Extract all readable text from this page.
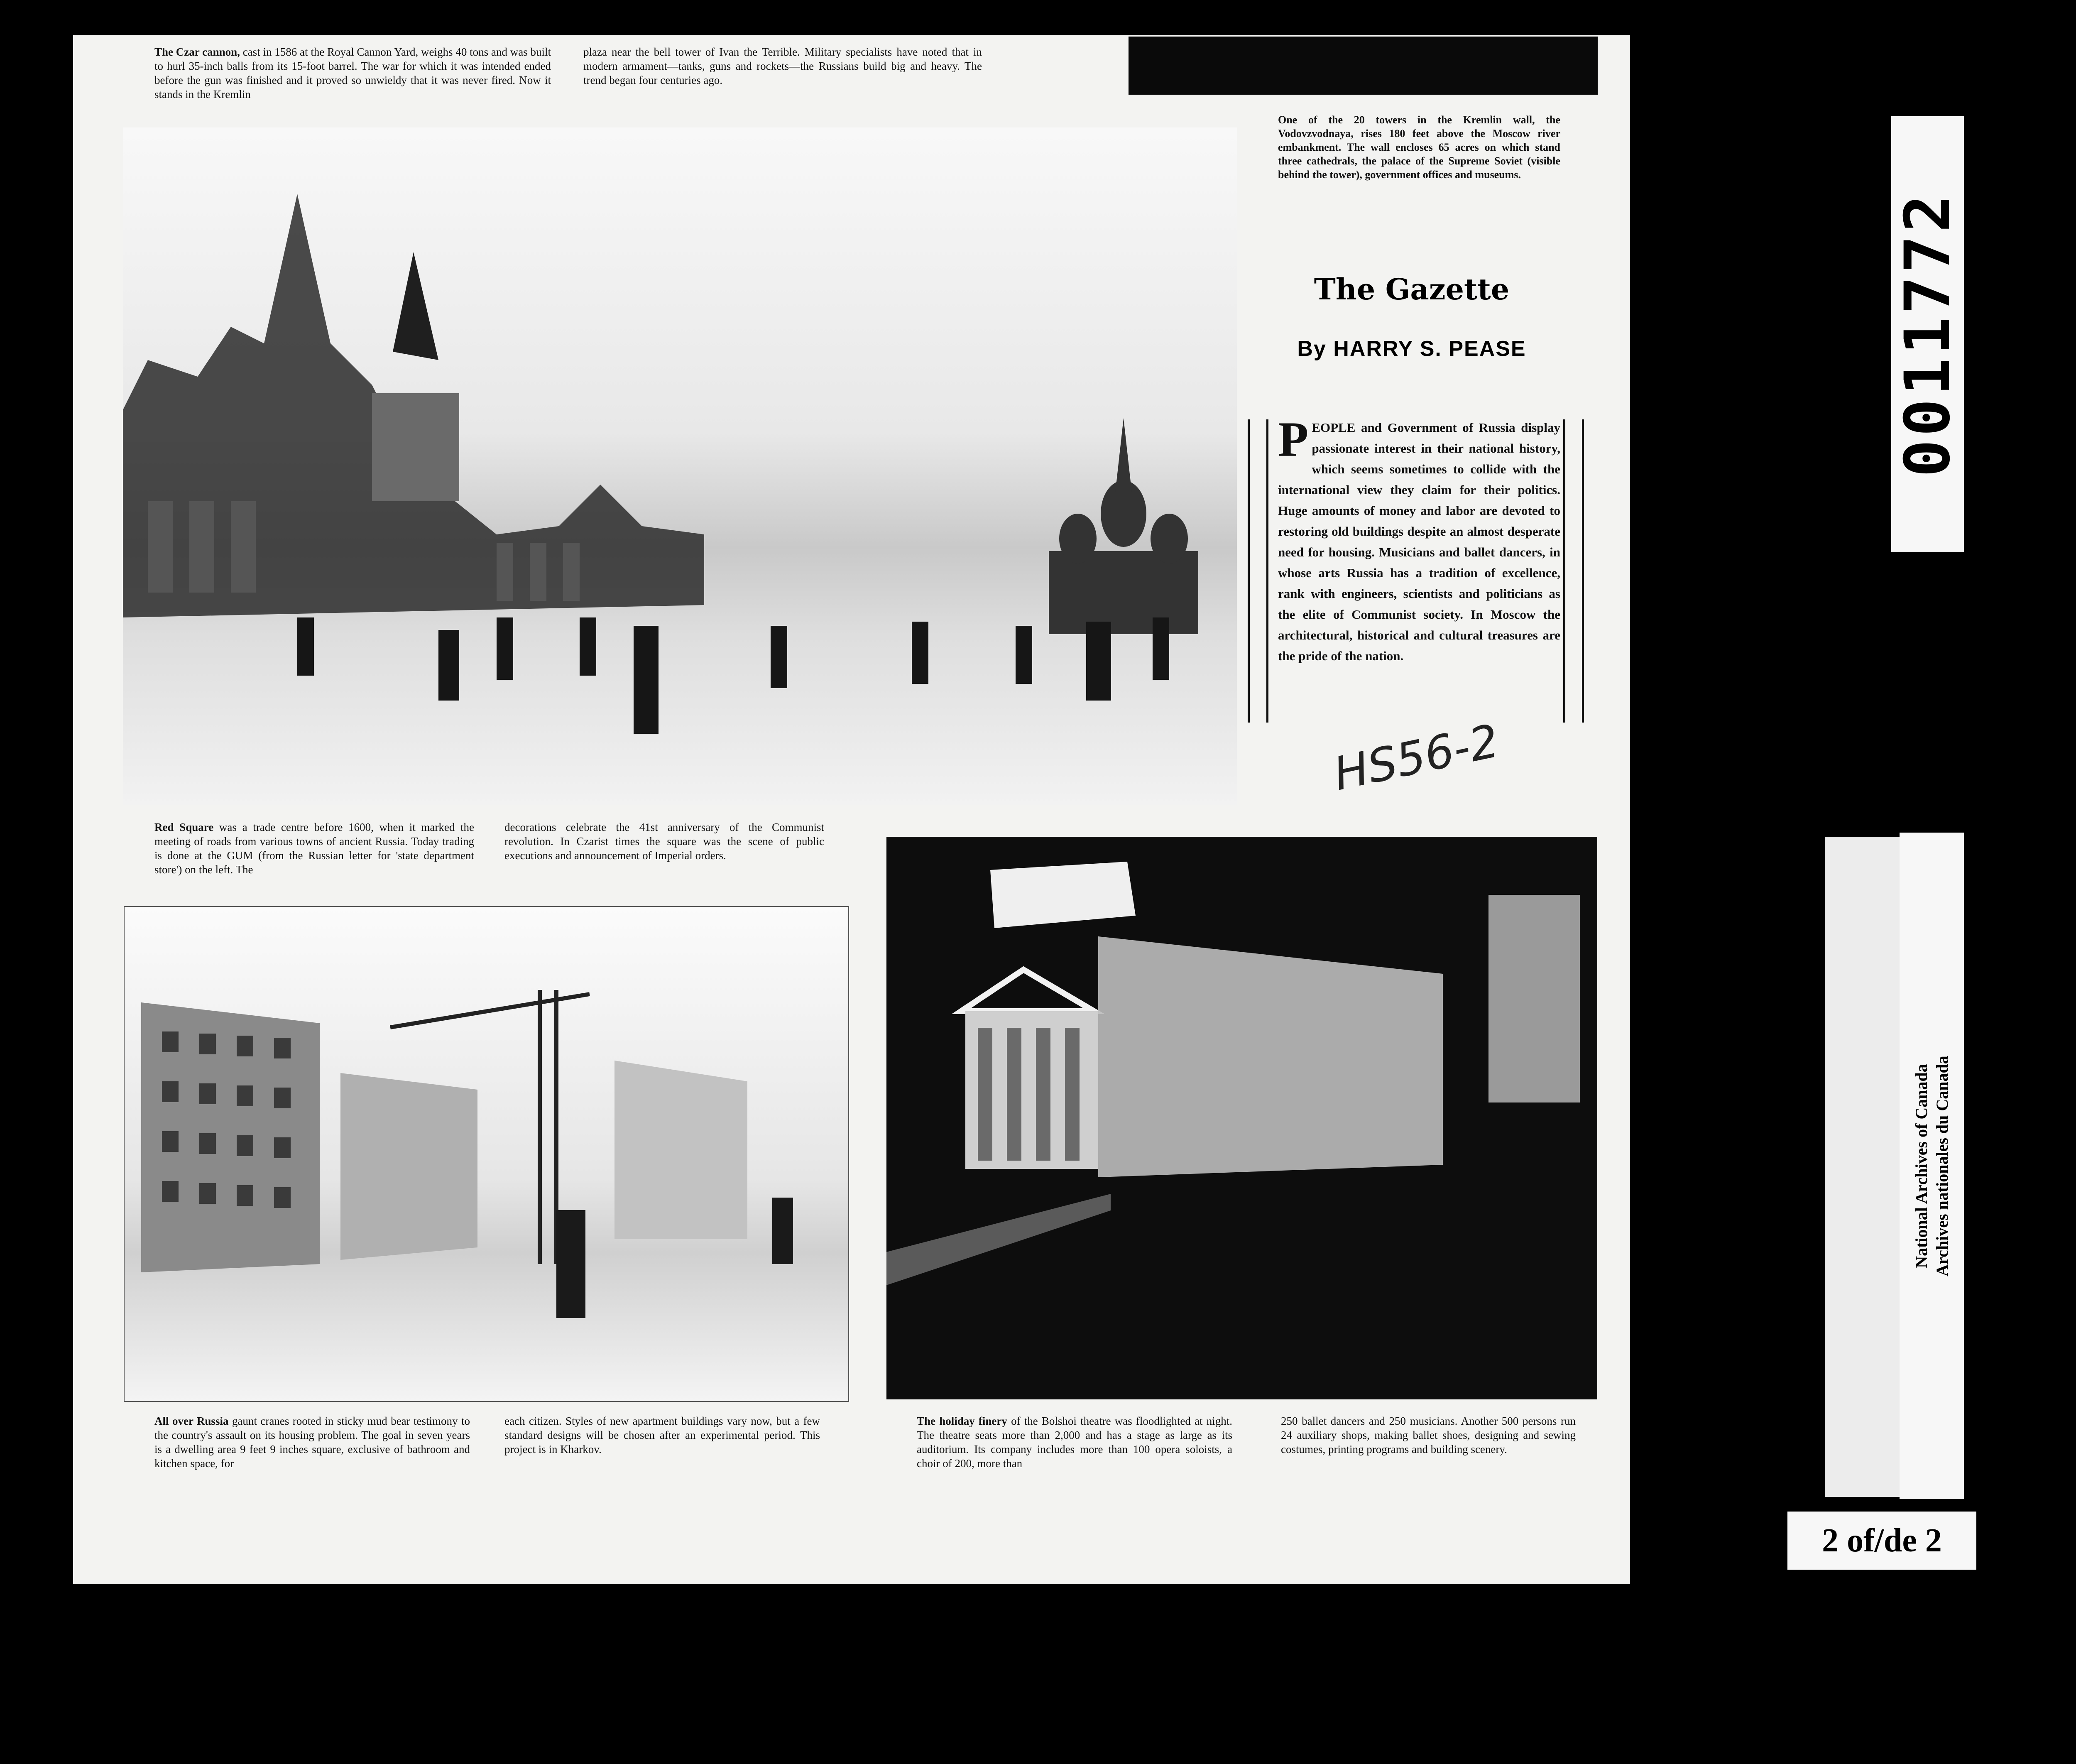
The Czar cannon, cast in 1586 at the Royal Cannon Yard, weighs 40 tons and was built to hurl 35-inch balls from its 15-foot barrel. The war for which it was intended ended before the gun was finished and it proved so unwieldy that it was never fired. Now it stands in the Kremlin
plaza near the bell tower of Ivan the Terrible. Military specialists have noted that in modern armament—tanks, guns and rockets—the Russians build big and heavy. The trend began four centuries ago.
One of the 20 towers in the Kremlin wall, the Vodovzvodnaya, rises 180 feet above the Moscow river embankment. The wall encloses 65 acres on which stand three cathedrals, the palace of the Supreme Soviet (visible behind the tower), government offices and museums.
The Gazette
By HARRY S. PEASE
P EOPLE and Government of Russia display passionate interest in their national history, which seems sometimes to collide with the international view they claim for their politics. Huge amounts of money and labor are devoted to restoring old buildings despite an almost desperate need for housing. Musicians and ballet dancers, in whose arts Russia has a tradition of excellence, rank with engineers, scientists and politicians as the elite of Communist society. In Moscow the architectural, historical and cultural treasures are the pride of the nation.
HS56-2
Red Square was a trade centre before 1600, when it marked the meeting of roads from various towns of ancient Russia. Today trading is done at the GUM (from the Russian letter for 'state department store') on the left. The
decorations celebrate the 41st anniversary of the Communist revolution. In Czarist times the square was the scene of public executions and announcement of Imperial orders.
All over Russia gaunt cranes rooted in sticky mud bear testimony to the country's assault on its housing problem. The goal in seven years is a dwelling area 9 feet 9 inches square, exclusive of bathroom and kitchen space, for
each citizen. Styles of new apartment buildings vary now, but a few standard designs will be chosen after an experimental period. This project is in Kharkov.
The holiday finery of the Bolshoi theatre was floodlighted at night. The theatre seats more than 2,000 and has a stage as large as its auditorium. Its company includes more than 100 opera soloists, a choir of 200, more than
250 ballet dancers and 250 musicians. Another 500 persons run 24 auxiliary shops, making ballet shoes, designing and sewing costumes, printing programs and building scenery.
0011772
National Archives of Canada Archives nationales du Canada
2 of/de 2
